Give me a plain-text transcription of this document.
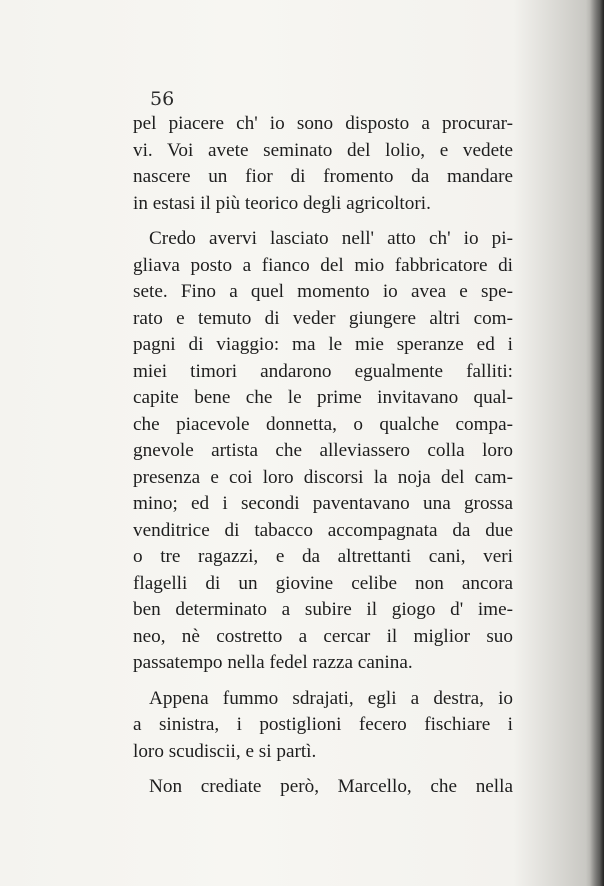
56
pel piacere ch' io sono disposto a procurar-
vi. Voi avete seminato del lolio, e vedete
nascere un fior di fromento da mandare
in estasi il più teorico degli agricoltori.
Credo avervi lasciato nell' atto ch' io pi-
gliava posto a fianco del mio fabbricatore di
sete. Fino a quel momento io avea e spe-
rato e temuto di veder giungere altri com-
pagni di viaggio: ma le mie speranze ed i
miei timori andarono egualmente falliti:
capite bene che le prime invitavano qual-
che piacevole donnetta, o qualche compa-
gnevole artista che alleviassero colla loro
presenza e coi loro discorsi la noja del cam-
mino; ed i secondi paventavano una grossa
venditrice di tabacco accompagnata da due
o tre ragazzi, e da altrettanti cani, veri
flagelli di un giovine celibe non ancora
ben determinato a subire il giogo d' ime-
neo, nè costretto a cercar il miglior suo
passatempo nella fedel razza canina.
Appena fummo sdrajati, egli a destra, io
a sinistra, i postiglioni fecero fischiare i
loro scudiscii, e si partì.
Non crediate però, Marcello, che nella
